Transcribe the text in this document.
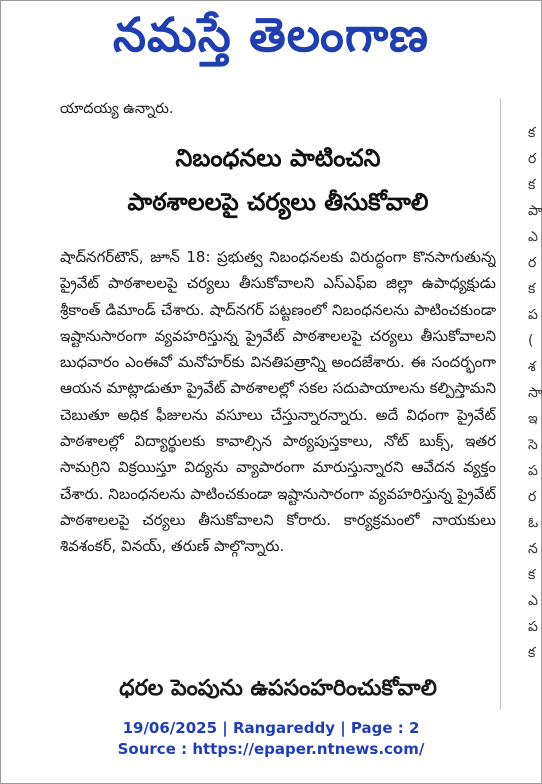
నమస్తే తెలంగాణ
యాదయ్య ఉన్నారు.
నిబంధనలు పాటించని
పాఠశాలలపై చర్యలు తీసుకోవాలి

షాద్‌నగర్‌టౌన్, జూన్ 18: ప్రభుత్వ నిబంధనలకు విరుద్ధంగా కొనసాగుతున్న ప్రైవేట్ పాఠశాలలపై చర్యలు తీసుకోవాలని ఎస్ఎఫ్ఐ జిల్లా ఉపాధ్యక్షుడు శ్రీకాంత్ డిమాండ్ చేశారు. షాద్‌నగర్ పట్టణంలో నిబంధనలను పాటించకుండా ఇష్టానుసారంగా వ్యవహరిస్తున్న ప్రైవేట్ పాఠశాలలపై చర్యలు తీసుకోవాలని బుధవారం ఎంఈవో మనోహర్‌కు వినతిపత్రాన్ని అందజేశారు. ఈ సందర్భంగా ఆయన మాట్లాడుతూ ప్రైవేట్ పాఠశాలల్లో సకల సదుపాయాలను కల్పిస్తామని చెబుతూ అధిక ఫీజులను వసూలు చేస్తున్నారన్నారు. అదే విధంగా ప్రైవేట్ పాఠశాలల్లో విద్యార్థులకు కావాల్సిన పాఠ్యపుస్తకాలు, నోట్ బుక్స్, ఇతర సామగ్రిని విక్రయిస్తూ విద్యను వ్యాపారంగా మారుస్తున్నారని ఆవేదన వ్యక్తం చేశారు. నిబంధనలను పాటించకుండా ఇష్టానుసారంగా వ్యవహరిస్తున్న ప్రైవేట్ పాఠశాలలపై చర్యలు తీసుకోవాలని కోరారు. కార్యక్రమంలో నాయకులు శివశంకర్, వినయ్, తరుణ్ పాల్గొన్నారు.

క
ర
క
పా
ఎ
ర
క
ప
(
శ
సా
ఇ
సె
ప
ర
ఓ
న
క
ఎ
ప
క
ధరల పెంపును ఉపసంహరించుకోవాలి
19/06/2025 | Rangareddy | Page : 2
Source : https://epaper.ntnews.com/
